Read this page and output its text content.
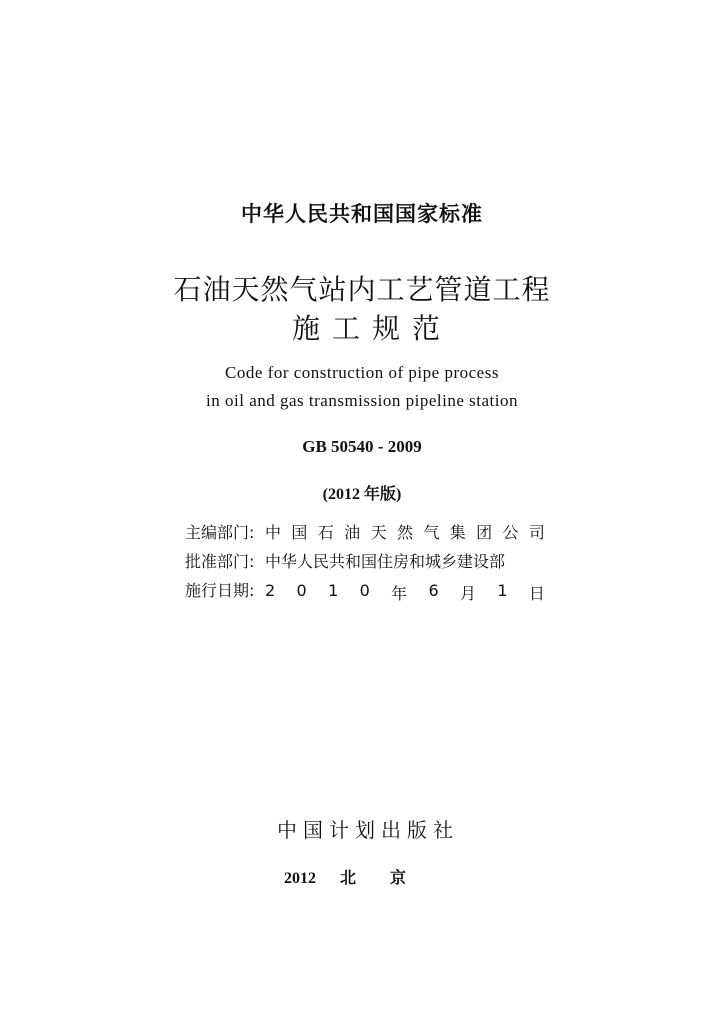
中华人民共和国国家标准
石油天然气站内工艺管道工程
施工规范
Code for construction of pipe process
in oil and gas transmission pipeline station
GB 50540 - 2009
(2012 年版)
主编部门: 中 国 石 油 天 然 气 集 团 公 司
批准部门: 中华人民共和国住房和城乡建设部
施行日期: 2 0 1 0 年 6 月 1 日
中国计划出版社
2012 北京
